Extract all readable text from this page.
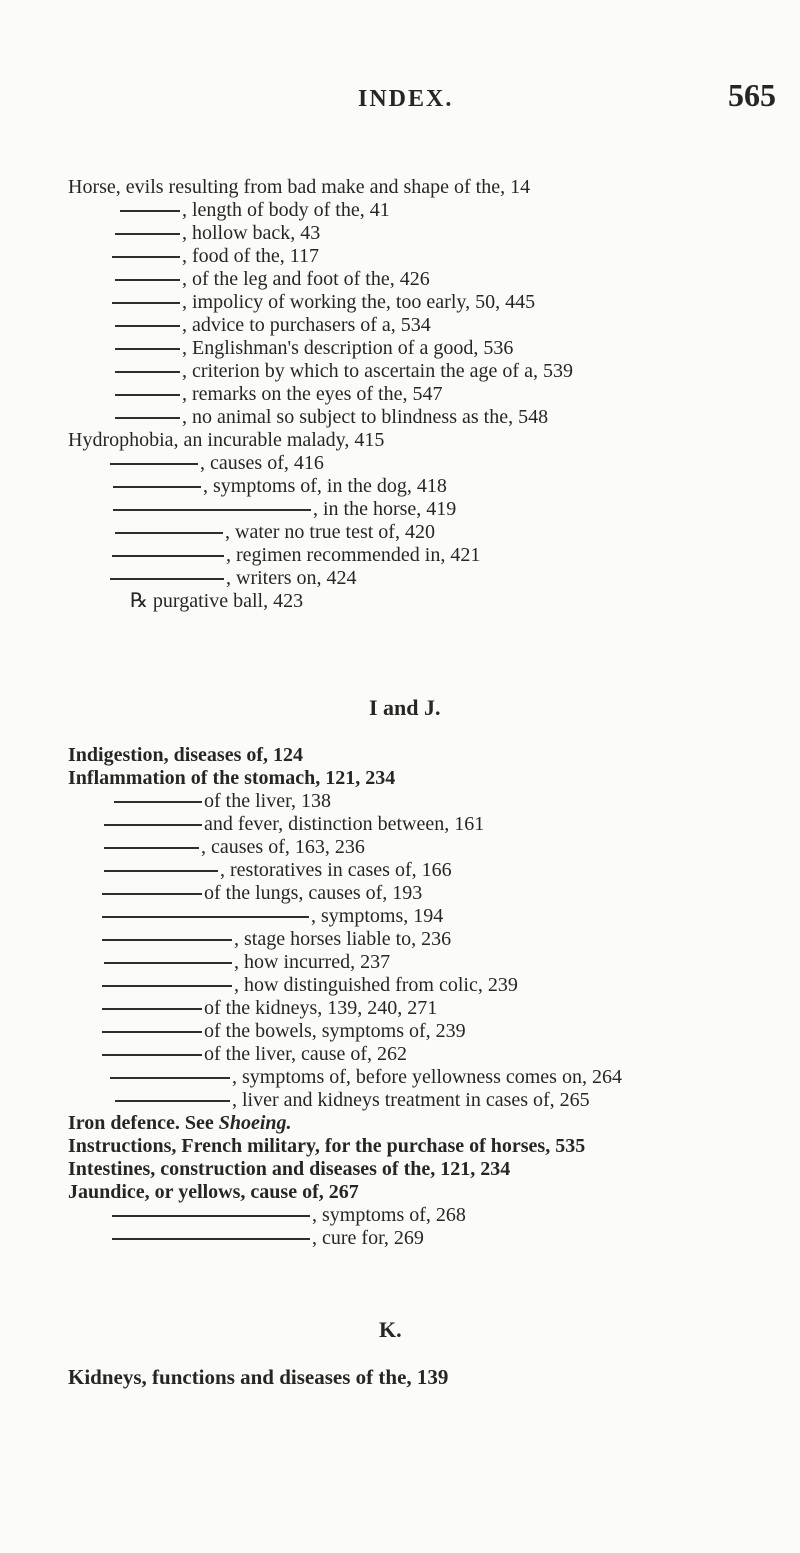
INDEX.	565
Horse, evils resulting from bad make and shape of the, 14
, length of body of the, 41
, hollow back, 43
, food of the, 117
, of the leg and foot of the, 426
, impolicy of working the, too early, 50, 445
, advice to purchasers of a, 534
, Englishman's description of a good, 536
, criterion by which to ascertain the age of a, 539
, remarks on the eyes of the, 547
, no animal so subject to blindness as the, 548
Hydrophobia, an incurable malady, 415
, causes of, 416
, symptoms of, in the dog, 418
, in the horse, 419
, water no true test of, 420
, regimen recommended in, 421
, writers on, 424
℞ purgative ball, 423
I and J.
Indigestion, diseases of, 124
Inflammation of the stomach, 121, 234
of the liver, 138
and fever, distinction between, 161
, causes of, 163, 236
, restoratives in cases of, 166
of the lungs, causes of, 193
, symptoms, 194
, stage horses liable to, 236
, how incurred, 237
, how distinguished from colic, 239
of the kidneys, 139, 240, 271
of the bowels, symptoms of, 239
of the liver, cause of, 262
, symptoms of, before yellowness comes on, 264
, liver and kidneys treatment in cases of, 265
Iron defence. See Shoeing.
Instructions, French military, for the purchase of horses, 535
Intestines, construction and diseases of the, 121, 234
Jaundice, or yellows, cause of, 267
, symptoms of, 268
, cure for, 269
K.
Kidneys, functions and diseases of the, 139
